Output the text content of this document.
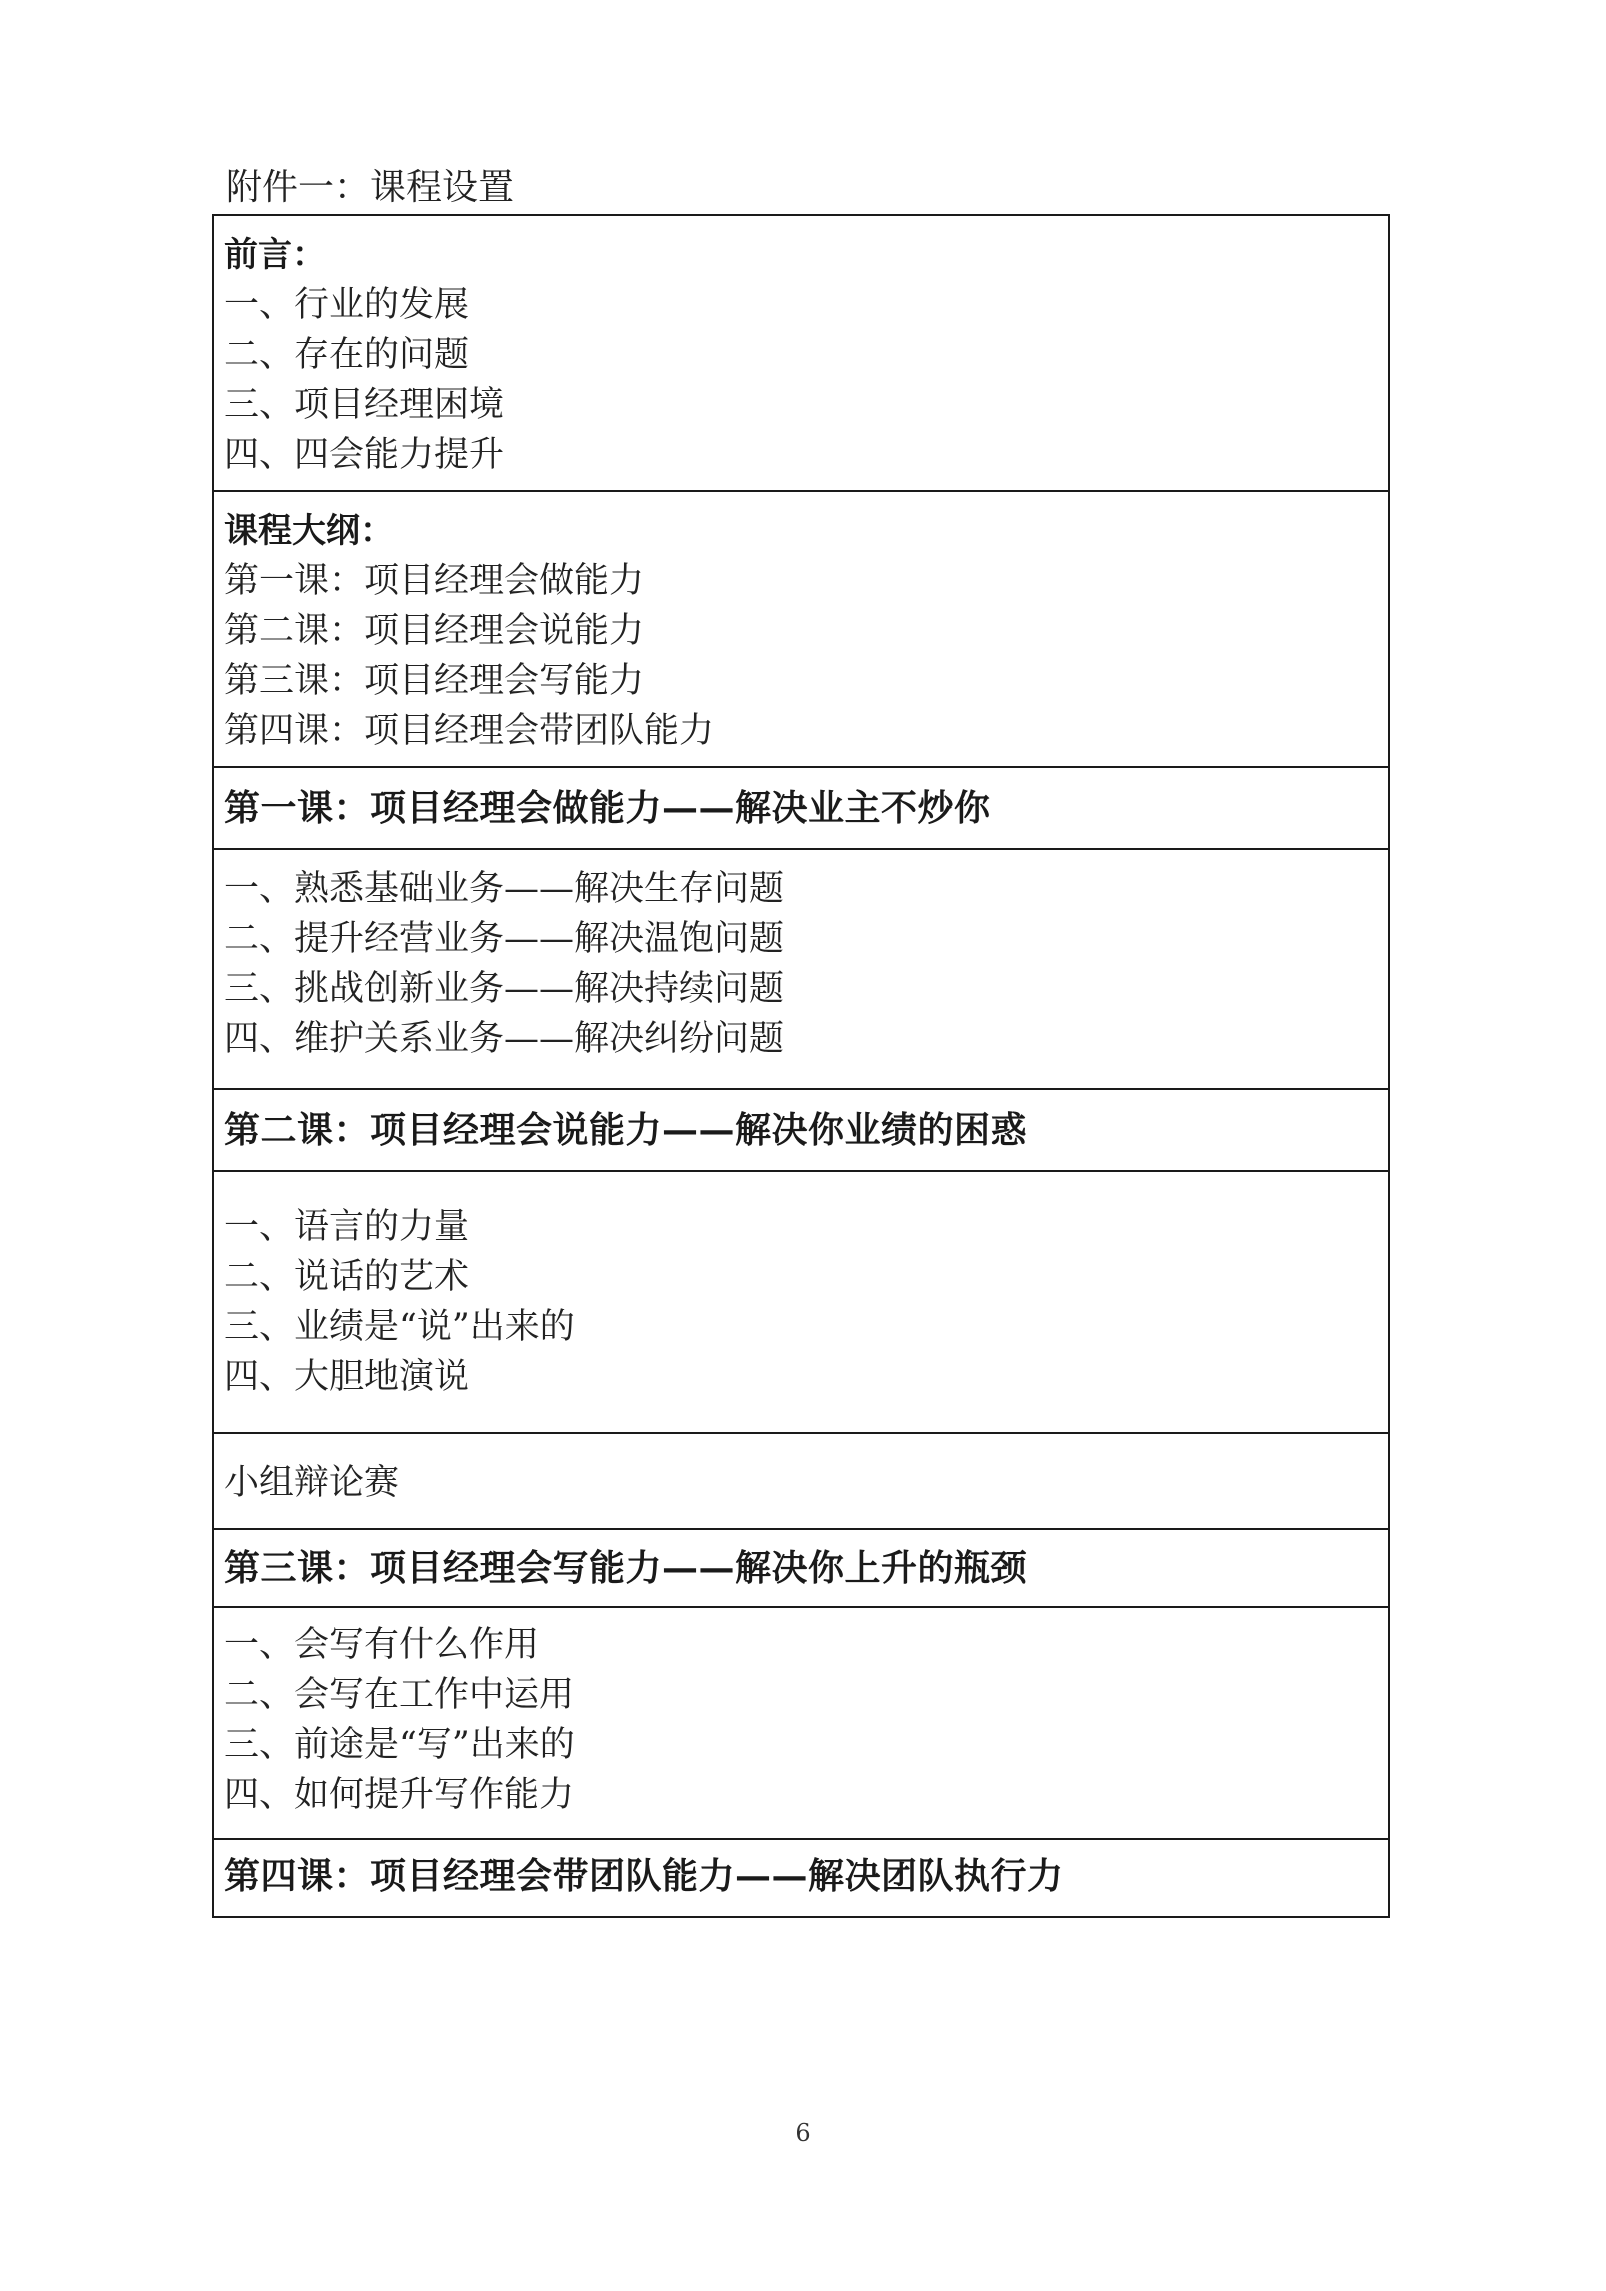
附件一：课程设置

前言：

一、行业的发展

二、存在的问题

三、项目经理困境

四、四会能力提升

课程大纲：

第一课：项目经理会做能力

第二课：项目经理会说能力

第三课：项目经理会写能力

第四课：项目经理会带团队能力

第一课：项目经理会做能力——解决业主不炒你

一、熟悉基础业务——解决生存问题

二、提升经营业务——解决温饱问题

三、挑战创新业务——解决持续问题

四、维护关系业务——解决纠纷问题

第二课：项目经理会说能力——解决你业绩的困惑

一、语言的力量

二、说话的艺术

三、业绩是“说”出来的

四、大胆地演说

小组辩论赛

第三课：项目经理会写能力——解决你上升的瓶颈

一、会写有什么作用

二、会写在工作中运用

三、前途是“写”出来的

四、如何提升写作能力

第四课：项目经理会带团队能力——解决团队执行力

6
